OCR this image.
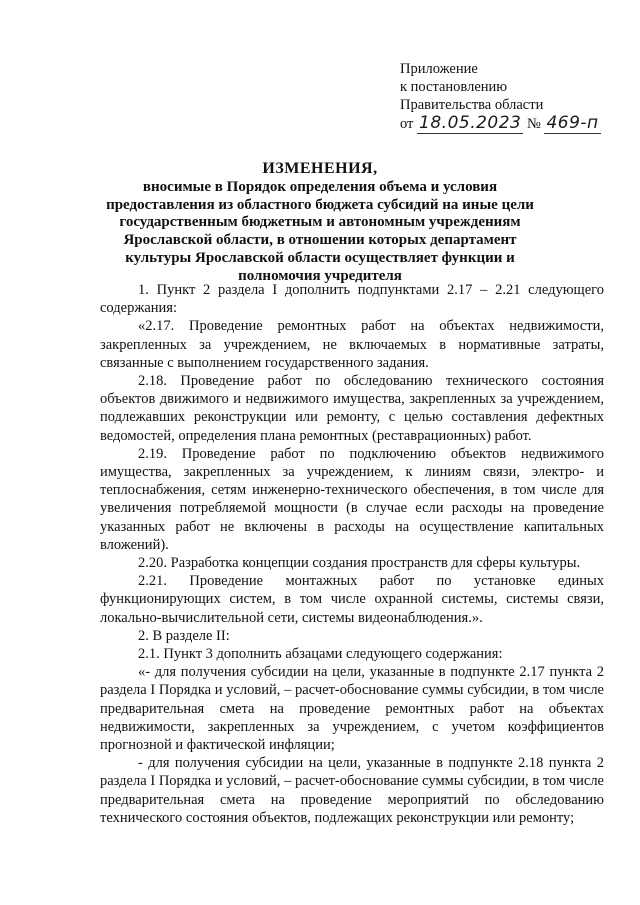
Приложение
к постановлению
Правительства области
от 18.05.2023 № 469-п
ИЗМЕНЕНИЯ,
вносимые в Порядок определения объема и условия предоставления из областного бюджета субсидий на иные цели государственным бюджетным и автономным учреждениям Ярославской области, в отношении которых департамент культуры Ярославской области осуществляет функции и полномочия учредителя

1. Пункт 2 раздела I дополнить подпунктами 2.17 – 2.21 следующего содержания:

«2.17. Проведение ремонтных работ на объектах недвижимости, закрепленных за учреждением, не включаемых в нормативные затраты, связанные с выполнением государственного задания.

2.18. Проведение работ по обследованию технического состояния объектов движимого и недвижимого имущества, закрепленных за учреждением, подлежавших реконструкции или ремонту, с целью составления дефектных ведомостей, определения плана ремонтных (реставрационных) работ.

2.19. Проведение работ по подключению объектов недвижимого имущества, закрепленных за учреждением, к линиям связи, электро- и теплоснабжения, сетям инженерно-технического обеспечения, в том числе для увеличения потребляемой мощности (в случае если расходы на проведение указанных работ не включены в расходы на осуществление капитальных вложений).

2.20. Разработка концепции создания пространств для сферы культуры.

2.21. Проведение монтажных работ по установке единых функционирующих систем, в том числе охранной системы, системы связи, локально-вычислительной сети, системы видеонаблюдения.».

2. В разделе II:

2.1. Пункт 3 дополнить абзацами следующего содержания:

«- для получения субсидии на цели, указанные в подпункте 2.17 пункта 2 раздела I Порядка и условий, – расчет-обоснование суммы субсидии, в том числе предварительная смета на проведение ремонтных работ на объектах недвижимости, закрепленных за учреждением, с учетом коэффициентов прогнозной и фактической инфляции;

- для получения субсидии на цели, указанные в подпункте 2.18 пункта 2 раздела I Порядка и условий, – расчет-обоснование суммы субсидии, в том числе предварительная смета на проведение мероприятий по обследованию технического состояния объектов, подлежащих реконструкции или ремонту;
